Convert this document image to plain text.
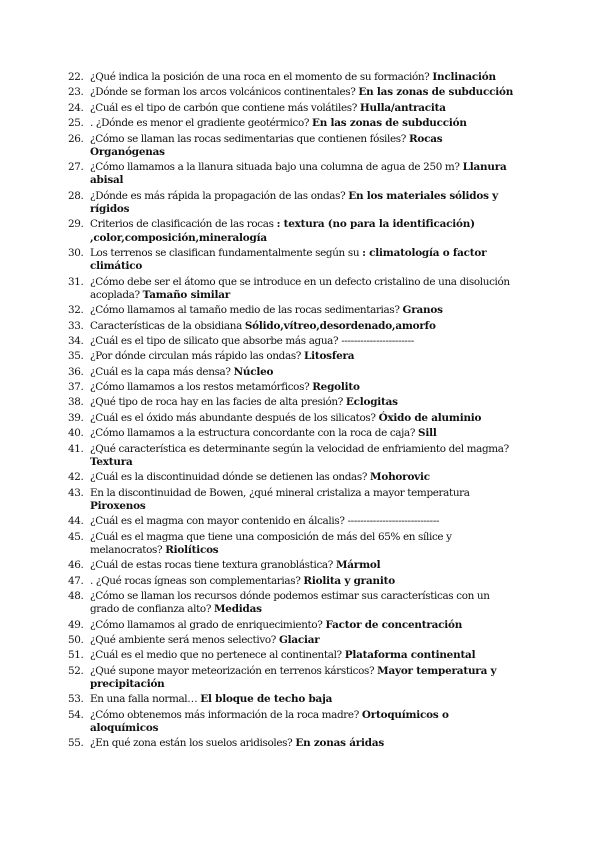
22. ¿Qué indica la posición de una roca en el momento de su formación? Inclinación
23. ¿Dónde se forman los arcos volcánicos continentales? En las zonas de subducción
24. ¿Cuál es el tipo de carbón que contiene más volátiles? Hulla/antracita
25. . ¿Dónde es menor el gradiente geotérmico? En las zonas de subducción
26. ¿Cómo se llaman las rocas sedimentarias que contienen fósiles? Rocas Organógenas
27. ¿Cómo llamamos a la llanura situada bajo una columna de agua de 250 m? Llanura abisal
28. ¿Dónde es más rápida la propagación de las ondas? En los materiales sólidos y rígidos
29. Criterios de clasificación de las rocas : textura (no para la identificación) ,color,composición,mineralogía
30. Los terrenos se clasifican fundamentalmente según su : climatología o factor climático
31. ¿Cómo debe ser el átomo que se introduce en un defecto cristalino de una disolución acoplada? Tamaño similar
32. ¿Cómo llamamos al tamaño medio de las rocas sedimentarias? Granos
33. Características de la obsidiana Sólido,vítreo,desordenado,amorfo
34. ¿Cuál es el tipo de silicato que absorbe más agua? -----------------------
35. ¿Por dónde circulan más rápido las ondas? Litosfera
36. ¿Cuál es la capa más densa? Núcleo
37. ¿Cómo llamamos a los restos metamórficos? Regolito
38. ¿Qué tipo de roca hay en las facies de alta presión? Eclogitas
39. ¿Cuál es el óxido más abundante después de los silicatos? Óxido de aluminio
40. ¿Cómo llamamos a la estructura concordante con la roca de caja? Sill
41. ¿Qué característica es determinante según la velocidad de enfriamiento del magma? Textura
42. ¿Cuál es la discontinuidad dónde se detienen las ondas? Mohorovic
43. En la discontinuidad de Bowen, ¿qué mineral cristaliza a mayor temperatura Piroxenos
44. ¿Cuál es el magma con mayor contenido en álcalis? -----------------------------
45. ¿Cuál es el magma que tiene una composición de más del 65% en sílice y melanocratos? Riolíticos
46. ¿Cuál de estas rocas tiene textura granoblástica? Mármol
47. . ¿Qué rocas ígneas son complementarias? Riolita y granito
48. ¿Cómo se llaman los recursos dónde podemos estimar sus características con un grado de confianza alto? Medidas
49. ¿Cómo llamamos al grado de enriquecimiento? Factor de concentración
50. ¿Qué ambiente será menos selectivo? Glaciar
51. ¿Cuál es el medio que no pertenece al continental? Plataforma continental
52. ¿Qué supone mayor meteorización en terrenos kársticos? Mayor temperatura y precipitación
53. En una falla normal… El bloque de techo baja
54. ¿Cómo obtenemos más información de la roca madre? Ortoquímicos o aloquímicos
55. ¿En qué zona están los suelos aridisoles? En zonas áridas
